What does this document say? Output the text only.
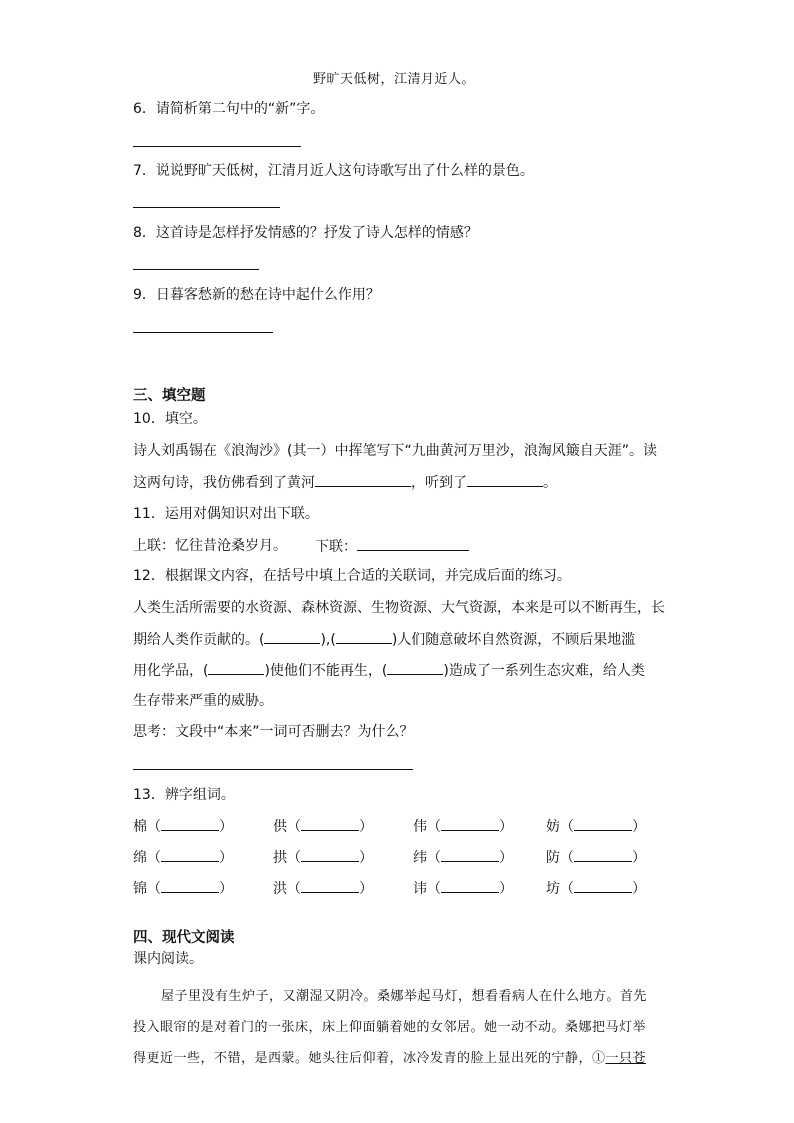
野旷天低树，江清月近人。
6．请简析第二句中的“新”字。
7．说说野旷天低树，江清月近人这句诗歌写出了什么样的景色。
8．这首诗是怎样抒发情感的？抒发了诗人怎样的情感？
9．日暮客愁新的愁在诗中起什么作用？
三、填空题
10．填空。
诗人刘禹锡在《浪淘沙》(其一）中挥笔写下“九曲黄河万里沙，浪淘风簸自天涯”。读
这两句诗，我仿佛看到了黄河	，听到了	。
11．运用对偶知识对出下联。
上联：忆往昔沧桑岁月。 下联：
12．根据课文内容，在括号中填上合适的关联词，并完成后面的练习。
人类生活所需要的水资源、森林资源、生物资源、大气资源，本来是可以不断再生，长
期给人类作贡献的。(	),(	)人们随意破坏自然资源，不顾后果地滥
用化学品，(	)使他们不能再生，(	)造成了一系列生态灾难，给人类
生存带来严重的威胁。
思考：文段中“本来”一词可否删去？为什么？
13．辨字组词。
棉（	）	供（	）	伟（	） 妨（	）
绵（	）	拱（	）	纬（	） 防（	）
锦（	）	洪（	）	讳（	） 坊（	）
四、现代文阅读
课内阅读。
屋子里没有生炉子，又潮湿又阴冷。桑娜举起马灯，想看看病人在什么地方。首先
投入眼帘的是对着门的一张床，床上仰面躺着她的女邻居。她一动不动。桑娜把马灯举
得更近一些，不错，是西蒙。她头往后仰着，冰冷发青的脸上显出死的宁静，①一只苍
